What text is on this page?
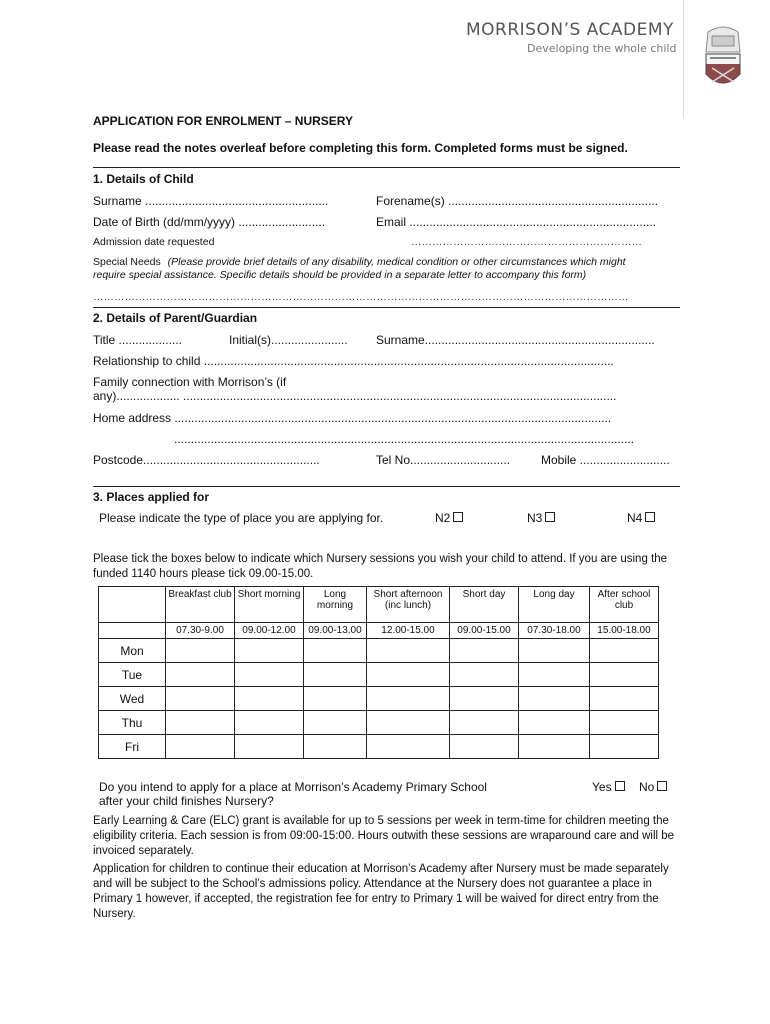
MORRISON’S ACADEMY
Developing the whole child
APPLICATION FOR ENROLMENT – NURSERY
Please read the notes overleaf before completing this form. Completed forms must be signed.
1. Details of Child
Surname .......................................................	Forename(s) ...............................................................
Date of Birth (dd/mm/yyyy) ..........................	Email ..........................................................................
Admission date requested	…………………………………………………………
Special Needs (Please provide brief details of any disability, medical condition or other circumstances which might
require special assistance. Specific details should be provided in a separate letter to accompany this form)
………………………………………………………………………………………………………………………………………
2. Details of Parent/Guardian
Title ...................	Initial(s)....................... Surname.....................................................................
Relationship to child ...........................................................................................................................
Family connection with Morrison’s (if
any)................... ..................................................................................................................................
Home address ...................................................................................................................................
..........................................................................................................................................
Postcode.....................................................	Tel No..............................	Mobile ...........................
3. Places applied for
Please indicate the type of place you are applying for.	N2	N3	N4
Please tick the boxes below to indicate which Nursery sessions you wish your child to attend. If you are using the funded 1140 hours please tick 09.00-15.00.
	Breakfast club	Short morning	Long morning	Short afternoon (inc lunch)	Short day	Long day	After school club
	07.30-9.00	09.00-12.00	09.00-13.00	12.00-15.00	09.00-15.00	07.30-18.00	15.00-18.00
Mon							
Tue							
Wed							
Thu							
Fri							
Do you intend to apply for a place at Morrison’s Academy Primary School
after your child finishes Nursery?
Yes	No
Early Learning & Care (ELC) grant is available for up to 5 sessions per week in term-time for children meeting the eligibility criteria. Each session is from 09:00-15:00. Hours outwith these sessions are wraparound care and will be invoiced separately.
Application for children to continue their education at Morrison’s Academy after Nursery must be made separately and will be subject to the School’s admissions policy. Attendance at the Nursery does not guarantee a place in Primary 1 however, if accepted, the registration fee for entry to Primary 1 will be waived for direct entry from the Nursery.
